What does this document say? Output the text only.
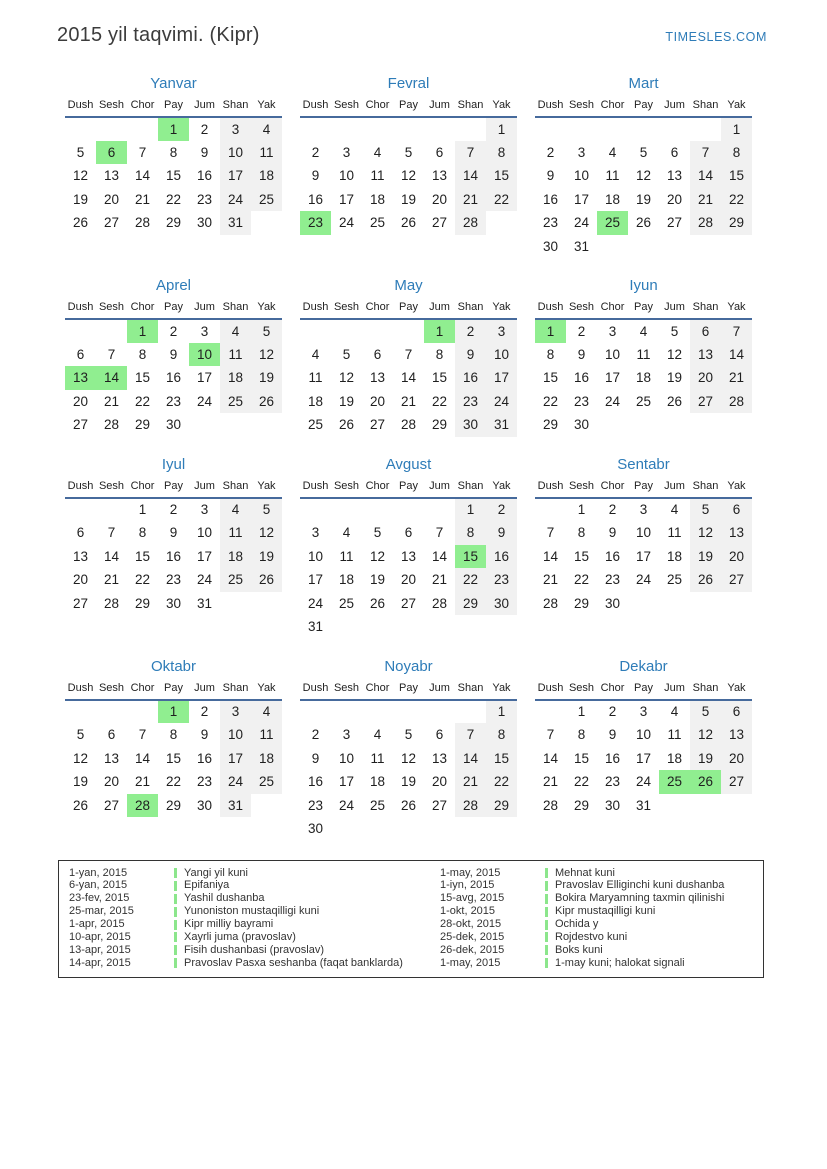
2015 yil taqvimi. (Kipr)	TIMESLES.COM
Yanvar
Dush	Sesh	Chor	Pay	Jum	Shan	Yak
			1	2	3	4
5	6	7	8	9	10	11
12	13	14	15	16	17	18
19	20	21	22	23	24	25
26	27	28	29	30	31	
Fevral
Dush	Sesh	Chor	Pay	Jum	Shan	Yak
						1
2	3	4	5	6	7	8
9	10	11	12	13	14	15
16	17	18	19	20	21	22
23	24	25	26	27	28	
Mart
Dush	Sesh	Chor	Pay	Jum	Shan	Yak
						1
2	3	4	5	6	7	8
9	10	11	12	13	14	15
16	17	18	19	20	21	22
23	24	25	26	27	28	29
30	31					
Aprel
Dush	Sesh	Chor	Pay	Jum	Shan	Yak
		1	2	3	4	5
6	7	8	9	10	11	12
13	14	15	16	17	18	19
20	21	22	23	24	25	26
27	28	29	30			
May
Dush	Sesh	Chor	Pay	Jum	Shan	Yak
				1	2	3
4	5	6	7	8	9	10
11	12	13	14	15	16	17
18	19	20	21	22	23	24
25	26	27	28	29	30	31
Iyun
Dush	Sesh	Chor	Pay	Jum	Shan	Yak
1	2	3	4	5	6	7
8	9	10	11	12	13	14
15	16	17	18	19	20	21
22	23	24	25	26	27	28
29	30					
Iyul
Dush	Sesh	Chor	Pay	Jum	Shan	Yak
		1	2	3	4	5
6	7	8	9	10	11	12
13	14	15	16	17	18	19
20	21	22	23	24	25	26
27	28	29	30	31		
Avgust
Dush	Sesh	Chor	Pay	Jum	Shan	Yak
					1	2
3	4	5	6	7	8	9
10	11	12	13	14	15	16
17	18	19	20	21	22	23
24	25	26	27	28	29	30
31						
Sentabr
Dush	Sesh	Chor	Pay	Jum	Shan	Yak
	1	2	3	4	5	6
7	8	9	10	11	12	13
14	15	16	17	18	19	20
21	22	23	24	25	26	27
28	29	30				
Oktabr
Dush	Sesh	Chor	Pay	Jum	Shan	Yak
			1	2	3	4
5	6	7	8	9	10	11
12	13	14	15	16	17	18
19	20	21	22	23	24	25
26	27	28	29	30	31	
Noyabr
Dush	Sesh	Chor	Pay	Jum	Shan	Yak
						1
2	3	4	5	6	7	8
9	10	11	12	13	14	15
16	17	18	19	20	21	22
23	24	25	26	27	28	29
30						
Dekabr
Dush	Sesh	Chor	Pay	Jum	Shan	Yak
	1	2	3	4	5	6
7	8	9	10	11	12	13
14	15	16	17	18	19	20
21	22	23	24	25	26	27
28	29	30	31			
1-yan, 2015	Yangi yil kuni
6-yan, 2015	Epifaniya
23-fev, 2015	Yashil dushanba
25-mar, 2015	Yunoniston mustaqilligi kuni
1-apr, 2015	Kipr milliy bayrami
10-apr, 2015	Xayrli juma (pravoslav)
13-apr, 2015	Fisih dushanbasi (pravoslav)
14-apr, 2015	Pravoslav Pasxa seshanba (faqat banklarda)
1-may, 2015	Mehnat kuni
1-iyn, 2015	Pravoslav Elliginchi kuni dushanba
15-avg, 2015	Bokira Maryamning taxmin qilinishi
1-okt, 2015	Kipr mustaqilligi kuni
28-okt, 2015	Ochida y
25-dek, 2015	Rojdestvo kuni
26-dek, 2015	Boks kuni
1-may, 2015	1-may kuni; halokat signali
